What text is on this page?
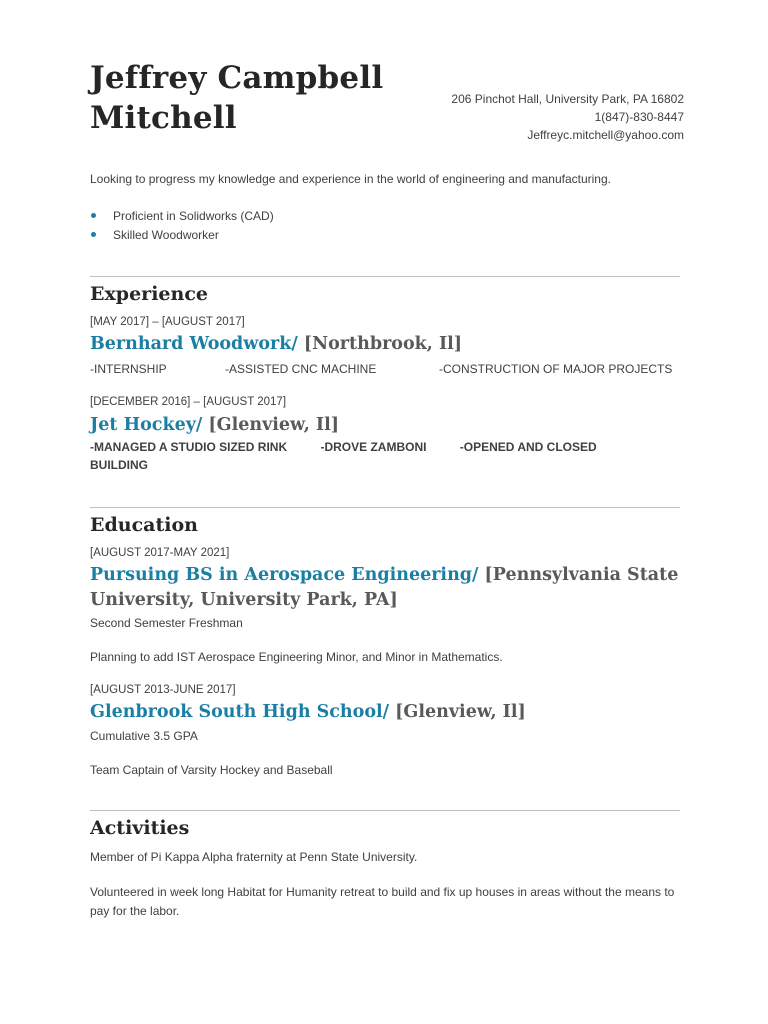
Jeffrey Campbell
Mitchell
206 Pinchot Hall, University Park, PA 16802
1(847)-830-8447
Jeffreyc.mitchell@yahoo.com
Looking to progress my knowledge and experience in the world of engineering and manufacturing.
Proficient in Solidworks (CAD)
Skilled Woodworker
Experience
[MAY 2017] – [AUGUST 2017]
Bernhard Woodwork/ [Northbrook, Il]
-INTERNSHIP	-ASSISTED CNC MACHINE	-CONSTRUCTION OF MAJOR PROJECTS
[DECEMBER 2016] – [AUGUST 2017]
Jet Hockey/ [Glenview, Il]
-MANAGED A STUDIO SIZED RINK          -DROVE ZAMBONI          -OPENED AND CLOSED BUILDING
Education
[AUGUST 2017-MAY 2021]
Pursuing BS in Aerospace Engineering/ [Pennsylvania State University, University Park, PA]
Second Semester Freshman
Planning to add IST Aerospace Engineering Minor, and Minor in Mathematics.
[AUGUST 2013-JUNE 2017]
Glenbrook South High School/ [Glenview, Il]
Cumulative 3.5 GPA
Team Captain of Varsity Hockey and Baseball
Activities
Member of Pi Kappa Alpha fraternity at Penn State University.
Volunteered in week long Habitat for Humanity retreat to build and fix up houses in areas without the means to pay for the labor.
